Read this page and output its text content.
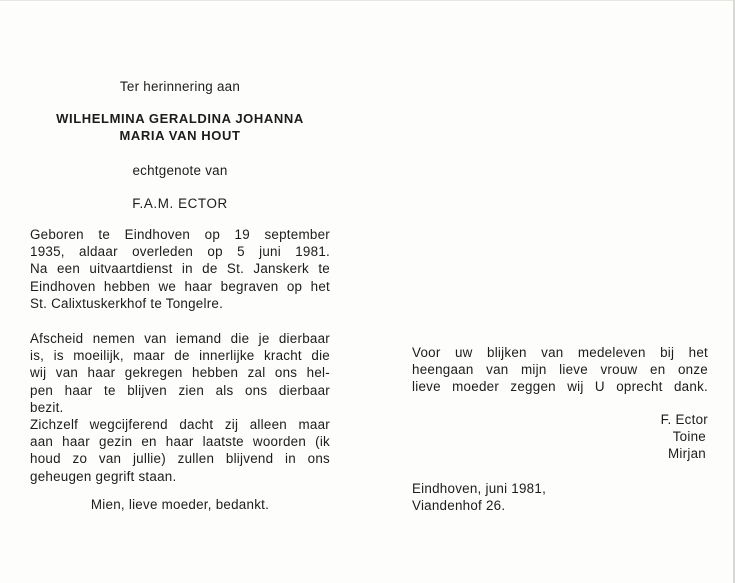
Ter herinnering aan
WILHELMINA GERALDINA JOHANNA
MARIA VAN HOUT
echtgenote van
F.A.M. ECTOR
Geboren te Eindhoven op 19 september
1935, aldaar overleden op 5 juni 1981.
Na een uitvaartdienst in de St. Janskerk te
Eindhoven hebben we haar begraven op het
St. Calixtuskerkhof te Tongelre.
Afscheid nemen van iemand die je dierbaar
is, is moeilijk, maar de innerlijke kracht die
wij van haar gekregen hebben zal ons hel-
pen haar te blijven zien als ons dierbaar
bezit.
Zichzelf wegcijferend dacht zij alleen maar
aan haar gezin en haar laatste woorden (ik
houd zo van jullie) zullen blijvend in ons
geheugen gegrift staan.
Mien, lieve moeder, bedankt.
Voor uw blijken van medeleven bij het
heengaan van mijn lieve vrouw en onze
lieve moeder zeggen wij U oprecht dank.
F. Ector
Toine
Mirjan
Eindhoven, juni 1981,
Viandenhof 26.
